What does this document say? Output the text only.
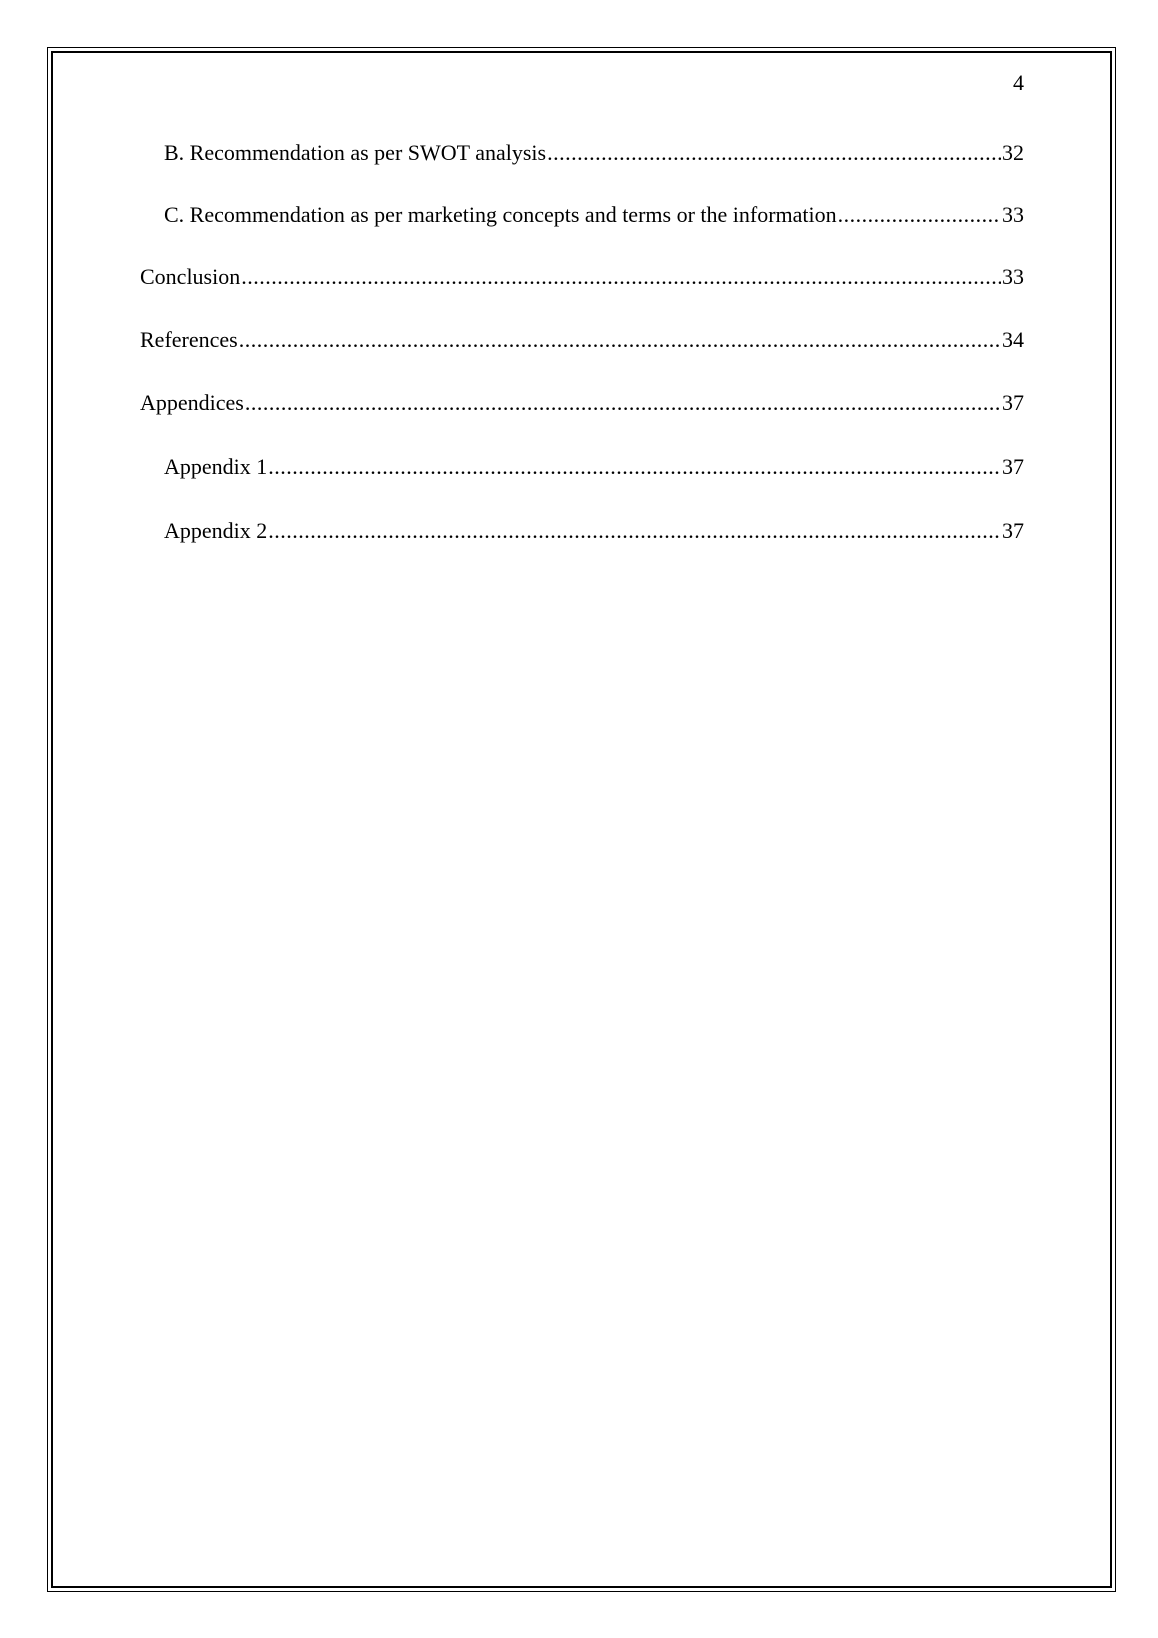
4
B. Recommendation as per SWOT analysis .....	32
C. Recommendation as per marketing concepts and terms or the information .....	33
Conclusion .....	33
References .....	34
Appendices .....	37
Appendix 1 .....	37
Appendix 2 .....	37
